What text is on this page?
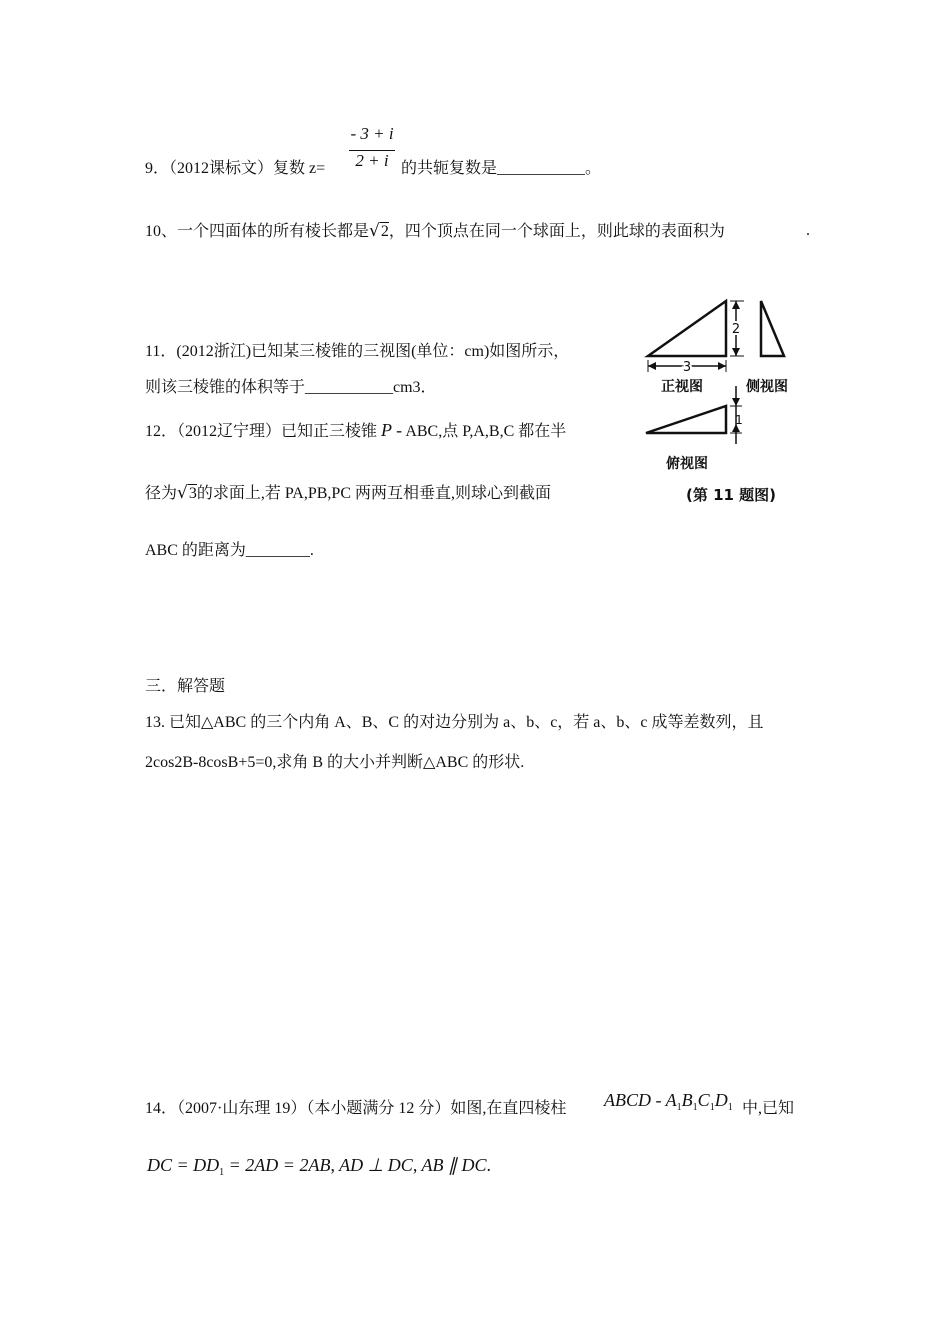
- 3 + i
2 + i
9．（2012课标文）复数 z=	的共轭复数是___________。
10、一个四面体的所有棱长都是√2，四个顶点在同一个球面上，则此球的表面积为	.
11．(2012浙江)已知某三棱锥的三视图(单位：cm)如图所示，
则该三棱锥的体积等于___________cm3．
12．（2012辽宁理）已知正三棱锥 P - ABC,点 P,A,B,C 都在半
径为√3的求面上,若 PA,PB,PC 两两互相垂直,则球心到截面
ABC 的距离为________.
2
3
正视图	侧视图
1
俯视图
(第 11 题图)
三．解答题
13. 已知△ABC 的三个内角 A、B、C 的对边分别为 a、b、c，若 a、b、c 成等差数列，且
2cos2B-8cosB+5=0,求角 B 的大小并判断△ABC 的形状.
14．（2007·山东理 19）（本小题满分 12 分）如图,在直四棱柱 ABCD - $A_1B_1C_1D_1$ 中,已知
DC = $DD_1 = 2AD = 2AB$, AD ⊥ DC, AB ∥ DC.
